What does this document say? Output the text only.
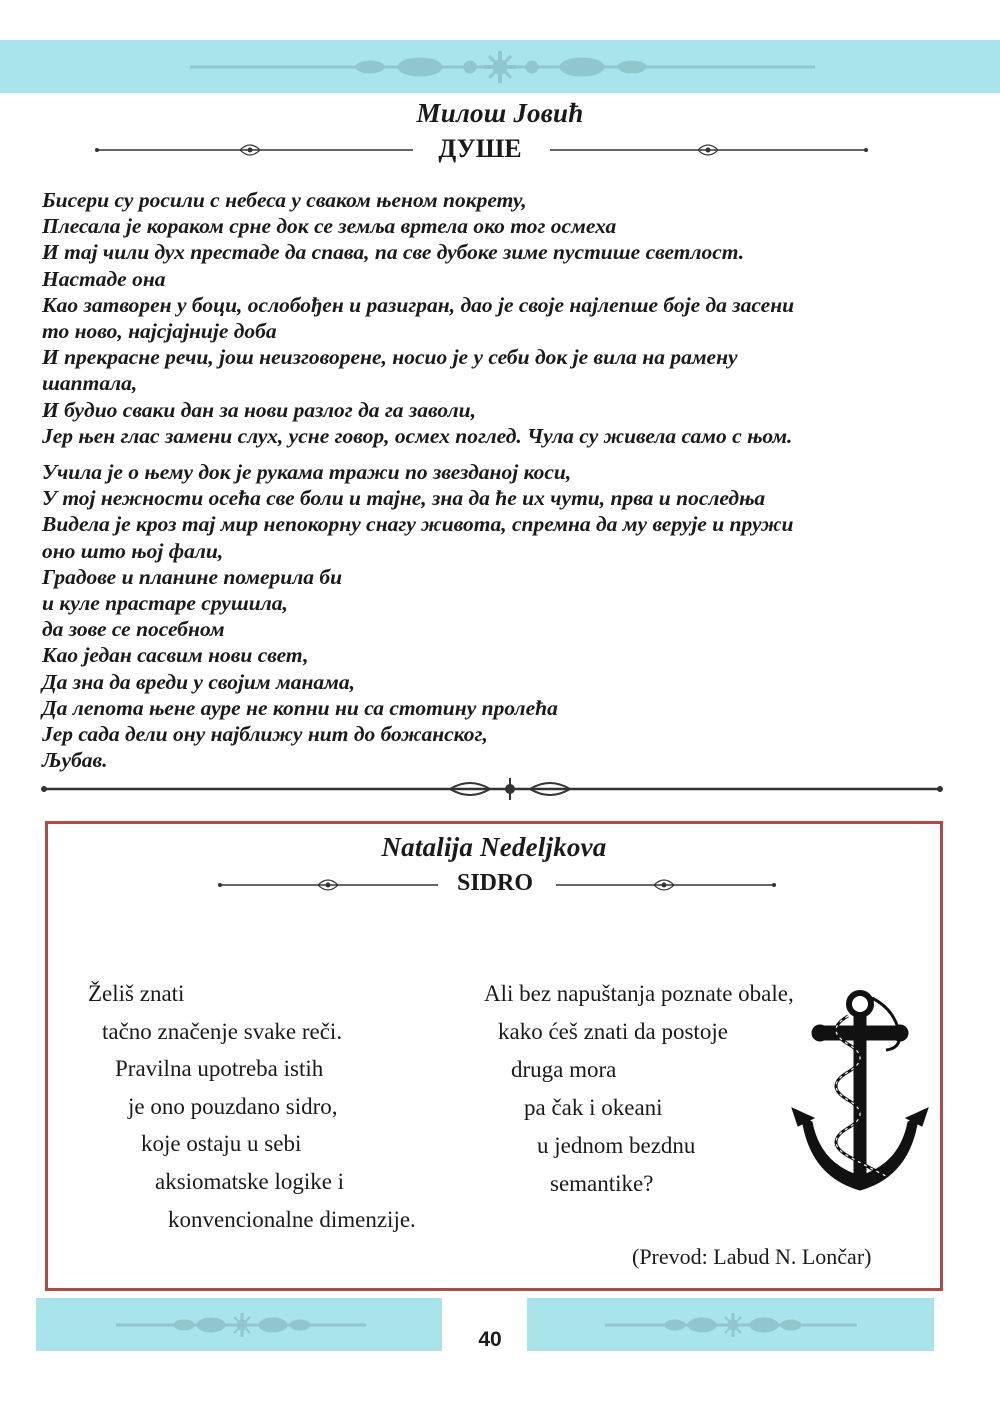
Милош Јовић
ДУШЕ
Бисери су росили с небеса у сваком њеном покрету,
Плесала је кораком срне док се земља вртела око тог осмеха
И тај чили дух престаде да спава, па све дубоке зиме пустише светлост.
Настаде она
Као затворен у боци, ослобођен и разигран, дао је своје најлепше боје да засени
то ново, најсјајније доба
И прекрасне речи, још неизговорене, носио је у себи док је вила на рамену
шаптала,
И будио сваки дан за нови разлог да га заволи,
Јер њен глас замени слух, усне говор, осмех поглед. Чула су живела само с њом.
Учила је о њему док је рукама тражи по звезданој коси,
У тој нежности осећа све боли и тајне, зна да ће их чути, прва и последња
Видела је кроз тај мир непокорну снагу живота, спремна да му верује и пружи
оно што њој фали,
Градове и планине померила би
и куле прастаре срушила,
да зове се посебном
Као један сасвим нови свет,
Да зна да вреди у својим манама,
Да лепота њене ауре не копни ни са стотину пролећа
Јер сада дели ону најближу нит до божанског,
Љубав.
Natalija Nedeljkova
SIDRO
Želiš znati
tačno značenje svake reči.
Pravilna upotreba istih
je ono pouzdano sidro,
koje ostaju u sebi
aksiomatske logike i
konvencionalne dimenzije.
Ali bez napuštanja poznate obale,
kako ćeš znati da postoje
druga mora
pa čak i okeani
u jednom bezdnu
semantike?
(Prevod: Labud N. Lončar)
40
